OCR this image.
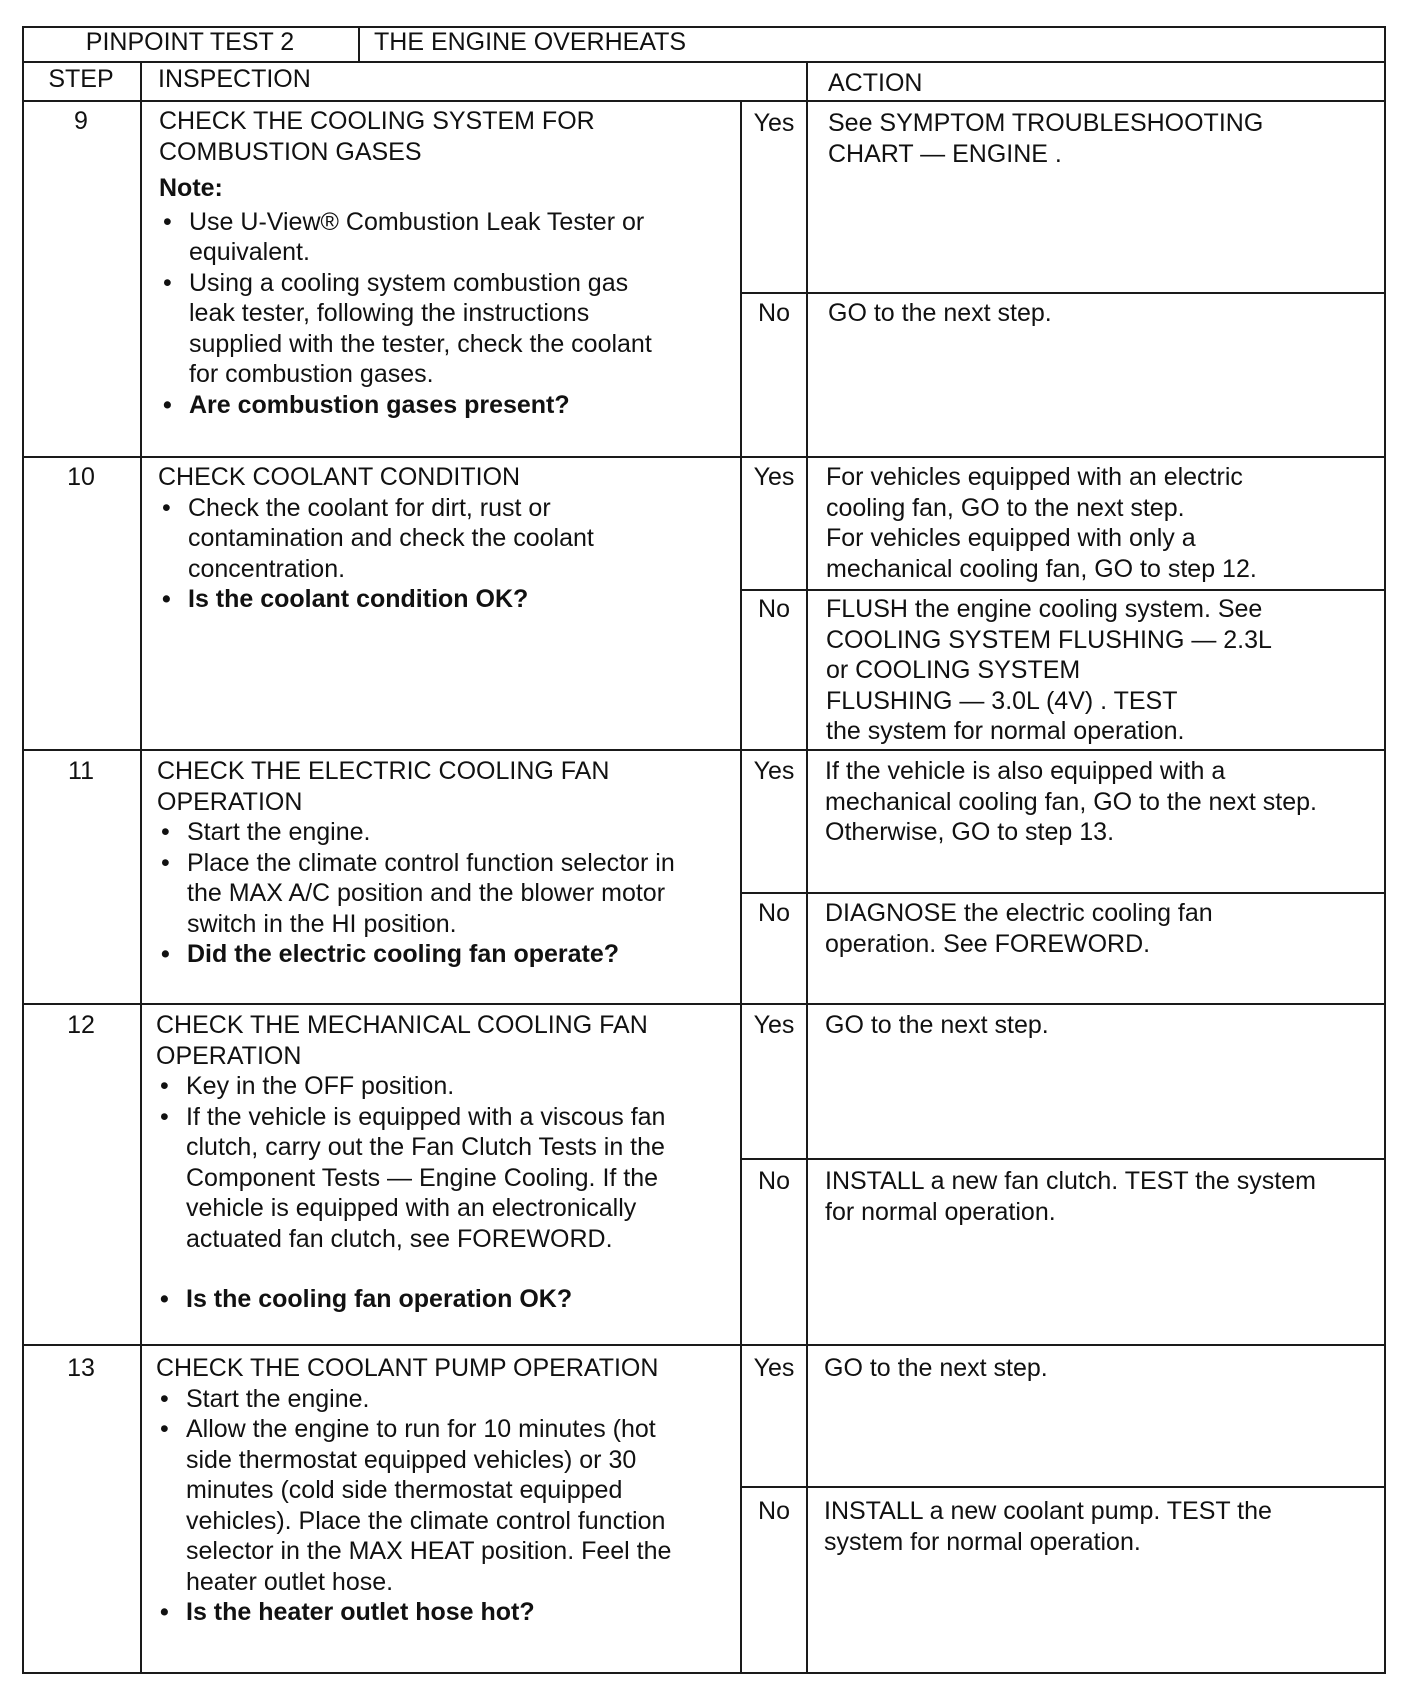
PINPOINT TEST 2	THE ENGINE OVERHEATS
STEP	INSPECTION	ACTION
9	CHECK THE COOLING SYSTEM FOR
COMBUSTION GASES
Note:
• Use U-View® Combustion Leak Tester or
equivalent.
• Using a cooling system combustion gas
leak tester, following the instructions
supplied with the tester, check the coolant
for combustion gases.
• Are combustion gases present?
Yes	See SYMPTOM TROUBLESHOOTING
CHART — ENGINE .
No	GO to the next step.
10	CHECK COOLANT CONDITION
• Check the coolant for dirt, rust or
contamination and check the coolant
concentration.
• Is the coolant condition OK?
Yes	For vehicles equipped with an electric
cooling fan, GO to the next step.
For vehicles equipped with only a
mechanical cooling fan, GO to step 12.
No	FLUSH the engine cooling system. See
COOLING SYSTEM FLUSHING — 2.3L
or COOLING SYSTEM
FLUSHING — 3.0L (4V) . TEST
the system for normal operation.
11	CHECK THE ELECTRIC COOLING FAN
OPERATION
• Start the engine.
• Place the climate control function selector in
the MAX A/C position and the blower motor
switch in the HI position.
• Did the electric cooling fan operate?
Yes	If the vehicle is also equipped with a
mechanical cooling fan, GO to the next step.
Otherwise, GO to step 13.
No	DIAGNOSE the electric cooling fan
operation. See FOREWORD.
12	CHECK THE MECHANICAL COOLING FAN
OPERATION
• Key in the OFF position.
• If the vehicle is equipped with a viscous fan
clutch, carry out the Fan Clutch Tests in the
Component Tests — Engine Cooling. If the
vehicle is equipped with an electronically
actuated fan clutch, see FOREWORD.
• Is the cooling fan operation OK?
Yes	GO to the next step.
No	INSTALL a new fan clutch. TEST the system
for normal operation.
13	CHECK THE COOLANT PUMP OPERATION
• Start the engine.
• Allow the engine to run for 10 minutes (hot
side thermostat equipped vehicles) or 30
minutes (cold side thermostat equipped
vehicles). Place the climate control function
selector in the MAX HEAT position. Feel the
heater outlet hose.
• Is the heater outlet hose hot?
Yes	GO to the next step.
No	INSTALL a new coolant pump. TEST the
system for normal operation.
